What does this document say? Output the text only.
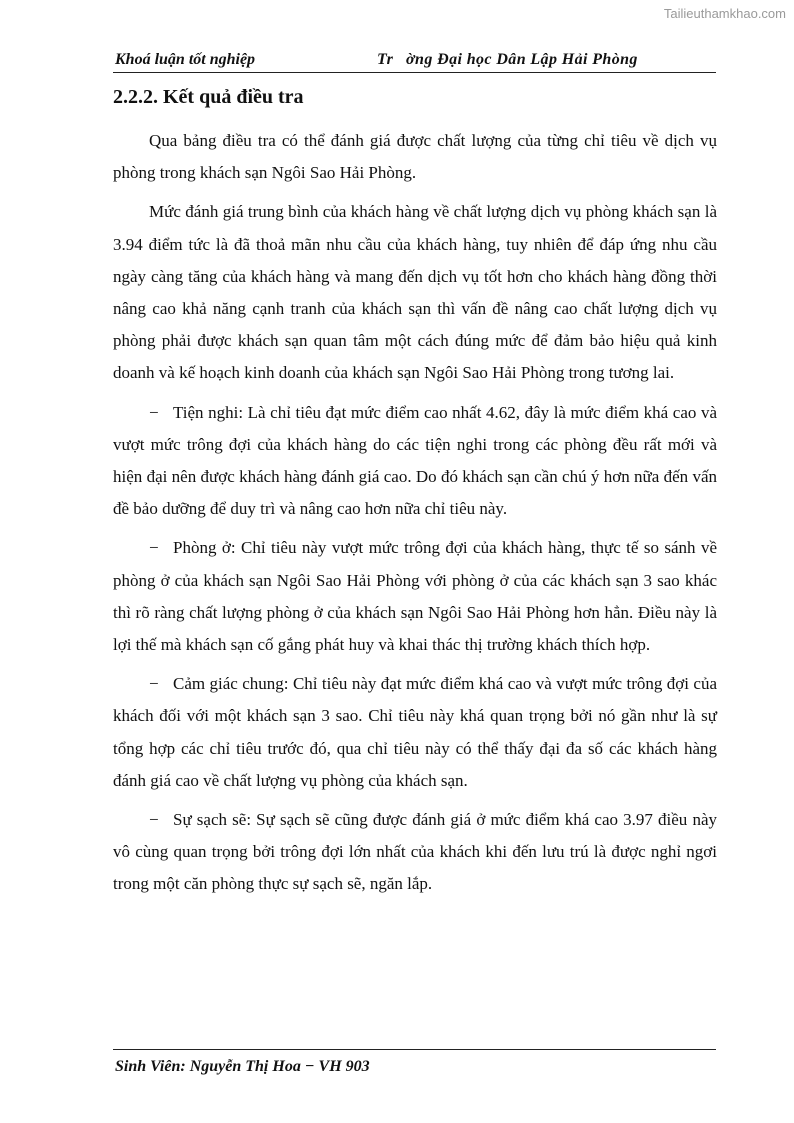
Tailieuthamkhao.com
Khoá luận tốt nghiệp	Tr ờng Đại học Dân Lập Hải Phòng
2.2.2. Kết quả điều tra

Qua bảng điều tra có thể đánh giá được chất lượng của từng chỉ tiêu về dịch vụ phòng trong khách sạn Ngôi Sao Hải Phòng.

Mức đánh giá trung bình của khách hàng về chất lượng dịch vụ phòng khách sạn là 3.94 điểm tức là đã thoả mãn nhu cầu của khách hàng, tuy nhiên để đáp ứng nhu cầu ngày càng tăng của khách hàng và mang đến dịch vụ tốt hơn cho khách hàng đồng thời nâng cao khả năng cạnh tranh của khách sạn thì vấn đề nâng cao chất lượng dịch vụ phòng phải được khách sạn quan tâm một cách đúng mức để đảm bảo hiệu quả kinh doanh và kế hoạch kinh doanh của khách sạn Ngôi Sao Hải Phòng trong tương lai.

− Tiện nghi: Là chỉ tiêu đạt mức điểm cao nhất 4.62, đây là mức điểm khá cao và vượt mức trông đợi của khách hàng do các tiện nghi trong các phòng đều rất mới và hiện đại nên được khách hàng đánh giá cao. Do đó khách sạn cần chú ý hơn nữa đến vấn đề bảo dưỡng để duy trì và nâng cao hơn nữa chỉ tiêu này.

− Phòng ở: Chỉ tiêu này vượt mức trông đợi của khách hàng, thực tế so sánh về phòng ở của khách sạn Ngôi Sao Hải Phòng với phòng ở của các khách sạn 3 sao khác thì rõ ràng chất lượng phòng ở của khách sạn Ngôi Sao Hải Phòng hơn hẳn. Điều này là lợi thế mà khách sạn cố gắng phát huy và khai thác thị trường khách thích hợp.

− Cảm giác chung: Chỉ tiêu này đạt mức điểm khá cao và vượt mức trông đợi của khách đối với một khách sạn 3 sao. Chỉ tiêu này khá quan trọng bởi nó gần như là sự tổng hợp các chỉ tiêu trước đó, qua chỉ tiêu này có thể thấy đại đa số các khách hàng đánh giá cao về chất lượng vụ phòng của khách sạn.

− Sự sạch sẽ: Sự sạch sẽ cũng được đánh giá ở mức điểm khá cao 3.97 điều này vô cùng quan trọng bởi trông đợi lớn nhất của khách khi đến lưu trú là được nghỉ ngơi trong một căn phòng thực sự sạch sẽ, ngăn lắp.

Sinh Viên: Nguyễn Thị Hoa − VH 903
